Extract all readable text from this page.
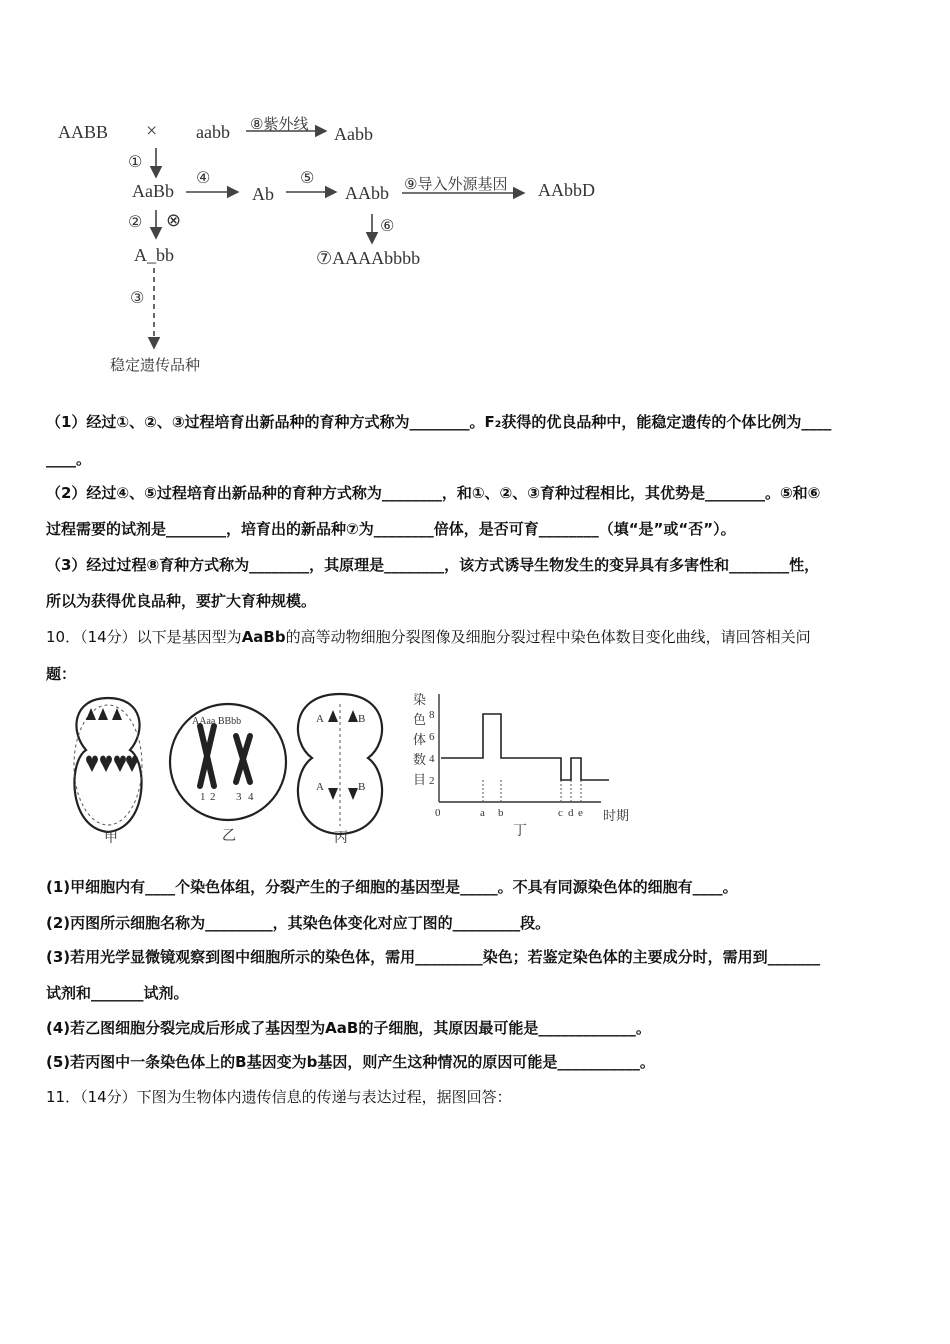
AABB × aabb ⑧紫外线 Aabb
①
AaBb
④
Ab
⑤
AAbb ⑨导入外源基因 AAbbD
② ⊗
A_bb
⑥
⑦AAAAbbbb
③
稳定遗传品种
（1）经过①、②、③过程培育出新品种的育种方式称为________。F₂获得的优良品种中，能稳定遗传的个体比例为____
____。
（2）经过④、⑤过程培育出新品种的育种方式称为________，和①、②、③育种过程相比，其优势是________。⑤和⑥
过程需要的试剂是________，培育出的新品种⑦为________倍体，是否可育________（填“是”或“否”）。
（3）经过过程⑧育种方式称为________，其原理是________，该方式诱导生物发生的变异具有多害性和________性，
所以为获得优良品种，要扩大育种规模。
10．（14分）以下是基因型为AaBb的高等动物细胞分裂图像及细胞分裂过程中染色体数目变化曲线，请回答相关问
题：
甲
AAaa BBbb
1 2 3 4
乙
A	B
A	B
丙
染
色
体
数
目
8
6
4
2
a b	c d e
0	时期
丁
(1)甲细胞内有____个染色体组，分裂产生的子细胞的基因型是_____。不具有同源染色体的细胞有____。
(2)丙图所示细胞名称为_________，其染色体变化对应丁图的_________段。
(3)若用光学显微镜观察到图中细胞所示的染色体，需用_________染色；若鉴定染色体的主要成分时，需用到_______
试剂和_______试剂。
(4)若乙图细胞分裂完成后形成了基因型为AaB的子细胞，其原因最可能是_____________。
(5)若丙图中一条染色体上的B基因变为b基因，则产生这种情况的原因可能是___________。
11．（14分）下图为生物体内遗传信息的传递与表达过程，据图回答：
